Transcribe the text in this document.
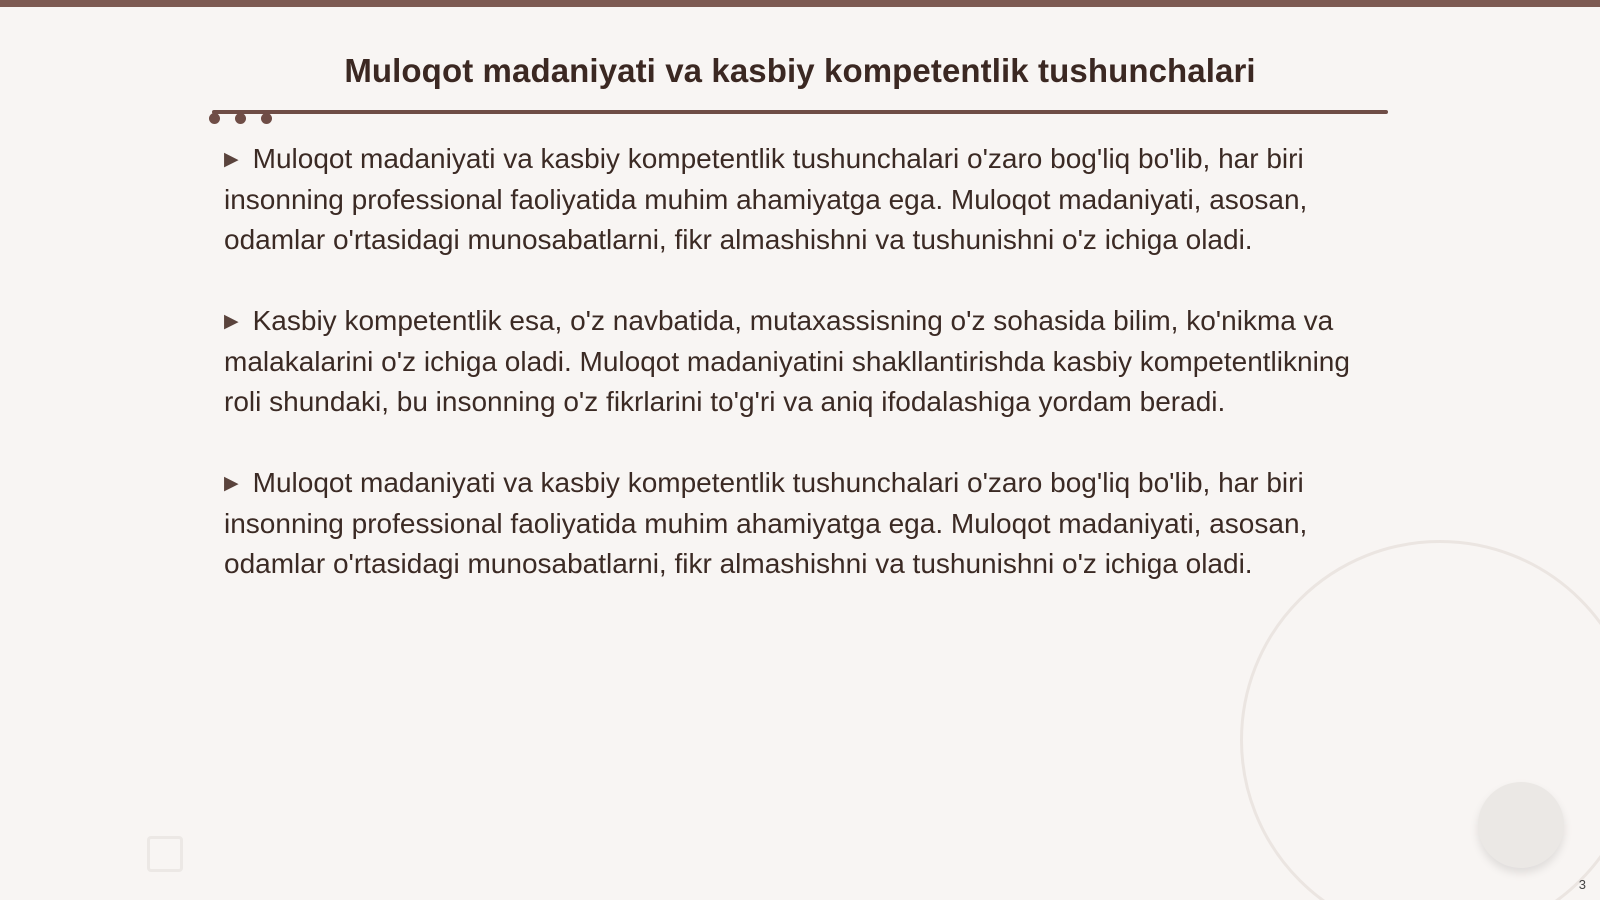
Muloqot madaniyati va kasbiy kompetentlik tushunchalari

▶ Muloqot madaniyati va kasbiy kompetentlik tushunchalari o'zaro bog'liq bo'lib, har biri insonning professional faoliyatida muhim ahamiyatga ega. Muloqot madaniyati, asosan, odamlar o'rtasidagi munosabatlarni, fikr almashishni va tushunishni o'z ichiga oladi.

▶ Kasbiy kompetentlik esa, o'z navbatida, mutaxassisning o'z sohasida bilim, ko'nikma va malakalarini o'z ichiga oladi. Muloqot madaniyatini shakllantirishda kasbiy kompetentlikning roli shundaki, bu insonning o'z fikrlarini to'g'ri va aniq ifodalashiga yordam beradi.

▶ Muloqot madaniyati va kasbiy kompetentlik tushunchalari o'zaro bog'liq bo'lib, har biri insonning professional faoliyatida muhim ahamiyatga ega. Muloqot madaniyati, asosan, odamlar o'rtasidagi munosabatlarni, fikr almashishni va tushunishni o'z ichiga oladi.

3
